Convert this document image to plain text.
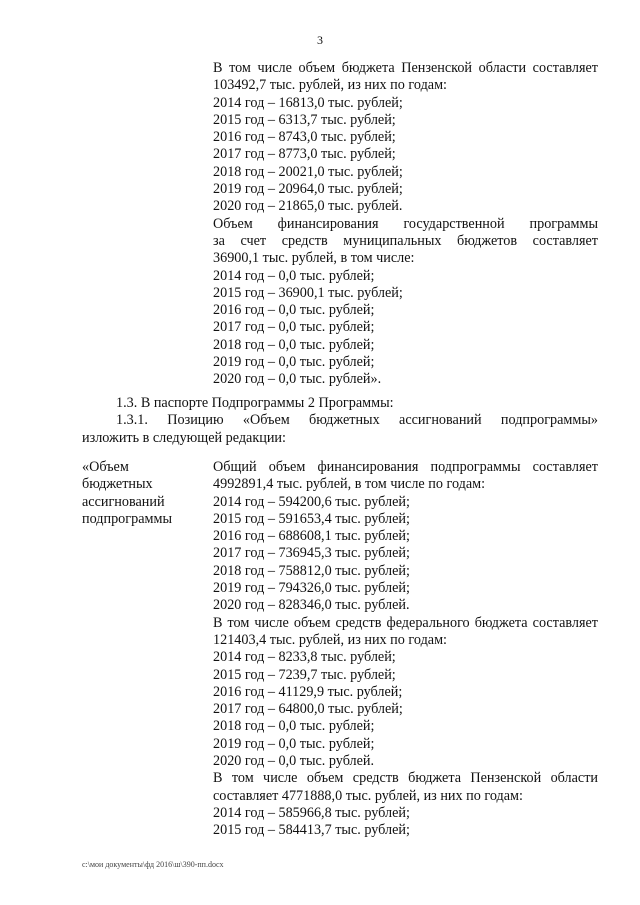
3
В том числе объем бюджета Пензенской области составляет
103492,7 тыс. рублей, из них по годам:
2014 год – 16813,0 тыс. рублей;
2015 год – 6313,7 тыс. рублей;
2016 год – 8743,0 тыс. рублей;
2017 год – 8773,0 тыс. рублей;
2018 год – 20021,0 тыс. рублей;
2019 год – 20964,0 тыс. рублей;
2020 год – 21865,0 тыс. рублей.
Объем финансирования государственной программы
за счет средств муниципальных бюджетов составляет
36900,1 тыс. рублей, в том числе:
2014 год – 0,0 тыс. рублей;
2015 год – 36900,1 тыс. рублей;
2016 год – 0,0 тыс. рублей;
2017 год – 0,0 тыс. рублей;
2018 год – 0,0 тыс. рублей;
2019 год – 0,0 тыс. рублей;
2020 год – 0,0 тыс. рублей».
1.3. В паспорте Подпрограммы 2 Программы:
1.3.1. Позицию «Объем бюджетных ассигнований подпрограммы»
изложить в следующей редакции:
«Объем
бюджетных
ассигнований
подпрограммы
Общий объем финансирования подпрограммы составляет
4992891,4 тыс. рублей, в том числе по годам:
2014 год – 594200,6 тыс. рублей;
2015 год – 591653,4 тыс. рублей;
2016 год – 688608,1 тыс. рублей;
2017 год – 736945,3 тыс. рублей;
2018 год – 758812,0 тыс. рублей;
2019 год – 794326,0 тыс. рублей;
2020 год – 828346,0 тыс. рублей.
В том числе объем средств федерального бюджета составляет
121403,4 тыс. рублей, из них по годам:
2014 год – 8233,8 тыс. рублей;
2015 год – 7239,7 тыс. рублей;
2016 год – 41129,9 тыс. рублей;
2017 год – 64800,0 тыс. рублей;
2018 год – 0,0 тыс. рублей;
2019 год – 0,0 тыс. рублей;
2020 год – 0,0 тыс. рублей.
В том числе объем средств бюджета Пензенской области
составляет 4771888,0 тыс. рублей, из них по годам:
2014 год – 585966,8 тыс. рублей;
2015 год – 584413,7 тыс. рублей;
c:\мои документы\фд 2016\ш\390-пп.docx
